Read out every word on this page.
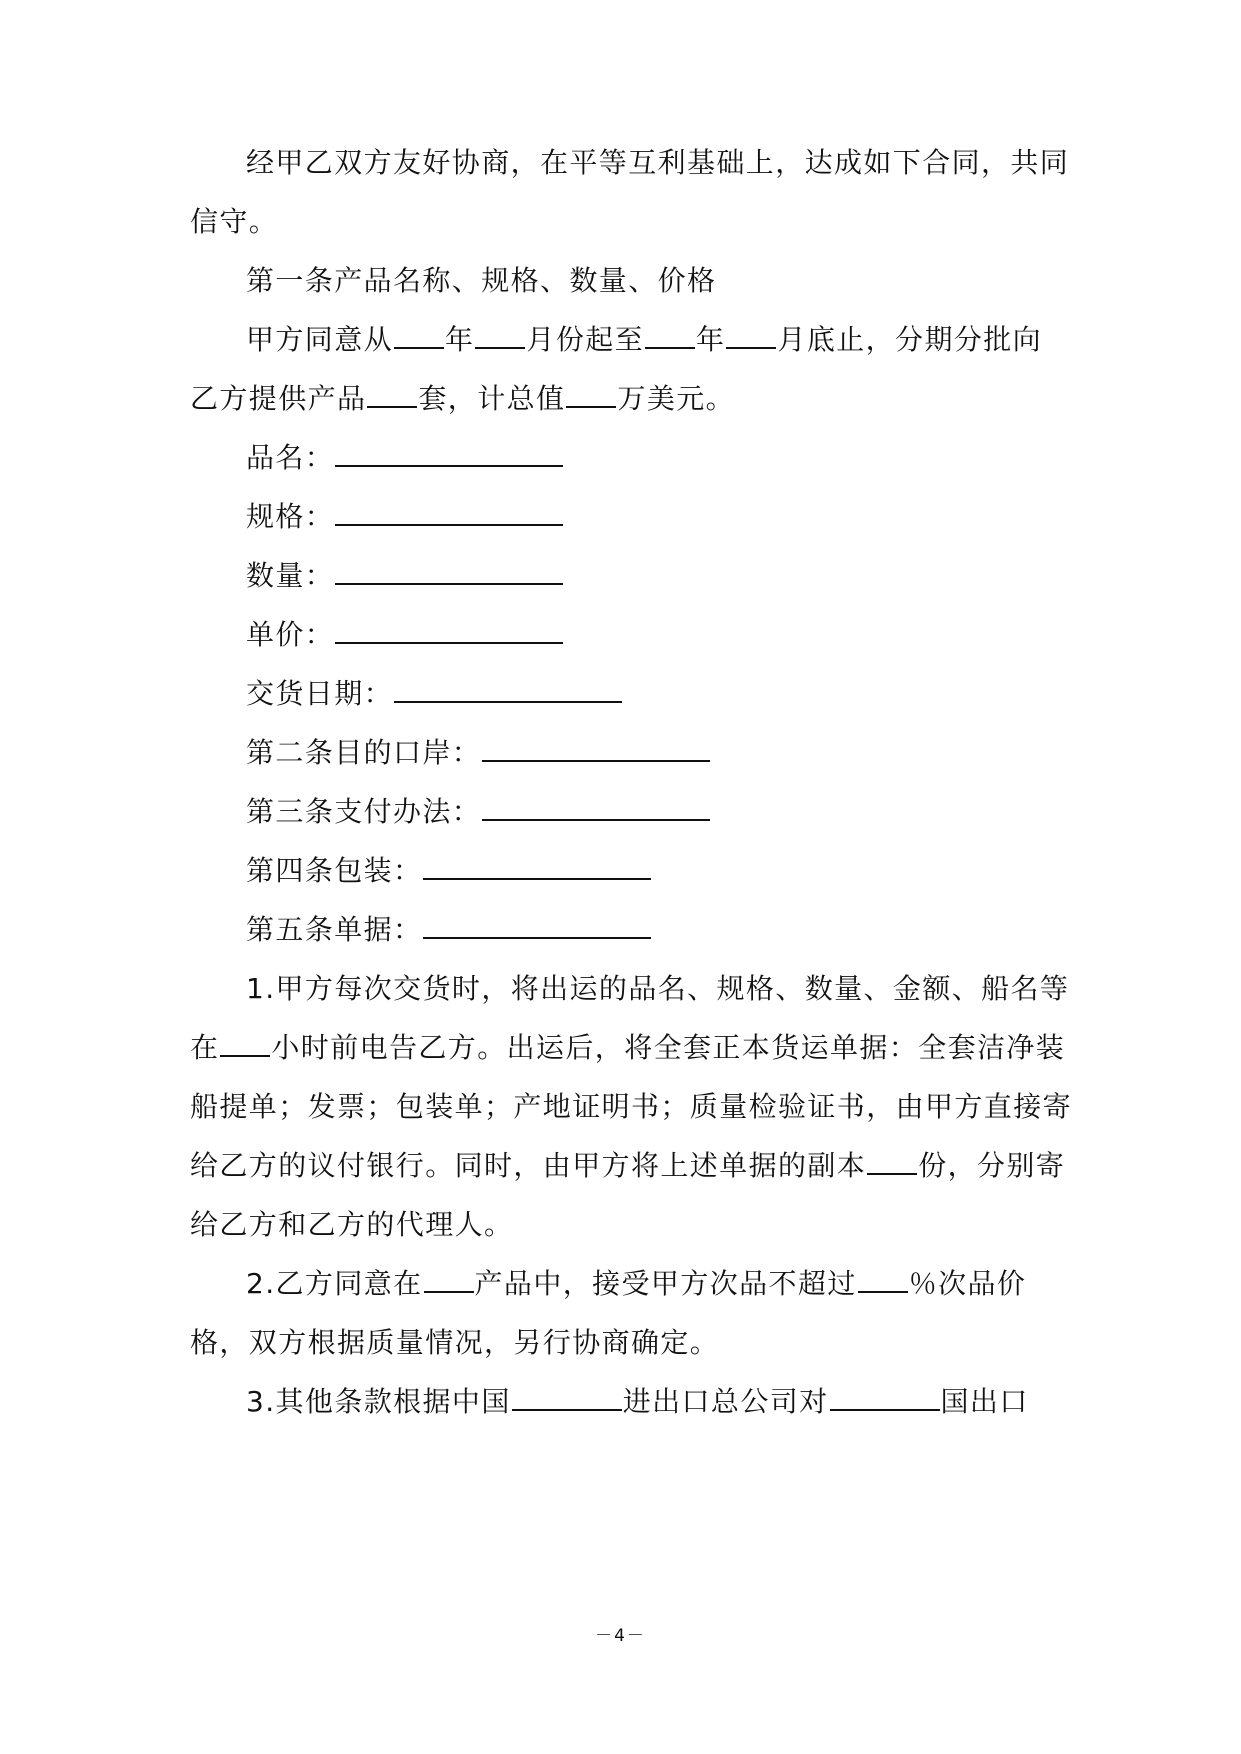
经甲乙双方友好协商，在平等互利基础上，达成如下合同，共同
信守。
第一条产品名称、规格、数量、价格
甲方同意从 年 月份起至 年 月底止，分期分批向
乙方提供产品 套，计总值 万美元。
品名：
规格：
数量：
单价：
交货日期：
第二条目的口岸：
第三条支付办法：
第四条包装：
第五条单据：
1.甲方每次交货时，将出运的品名、规格、数量、金额、船名等
在 小时前电告乙方。出运后，将全套正本货运单据：全套洁净装
船提单；发票；包装单；产地证明书；质量检验证书，由甲方直接寄
给乙方的议付银行。同时，由甲方将上述单据的副本 份，分别寄
给乙方和乙方的代理人。
2.乙方同意在 产品中，接受甲方次品不超过 ％次品价
格，双方根据质量情况，另行协商确定。
3.其他条款根据中国	进出口总公司对	国出口
－4－
